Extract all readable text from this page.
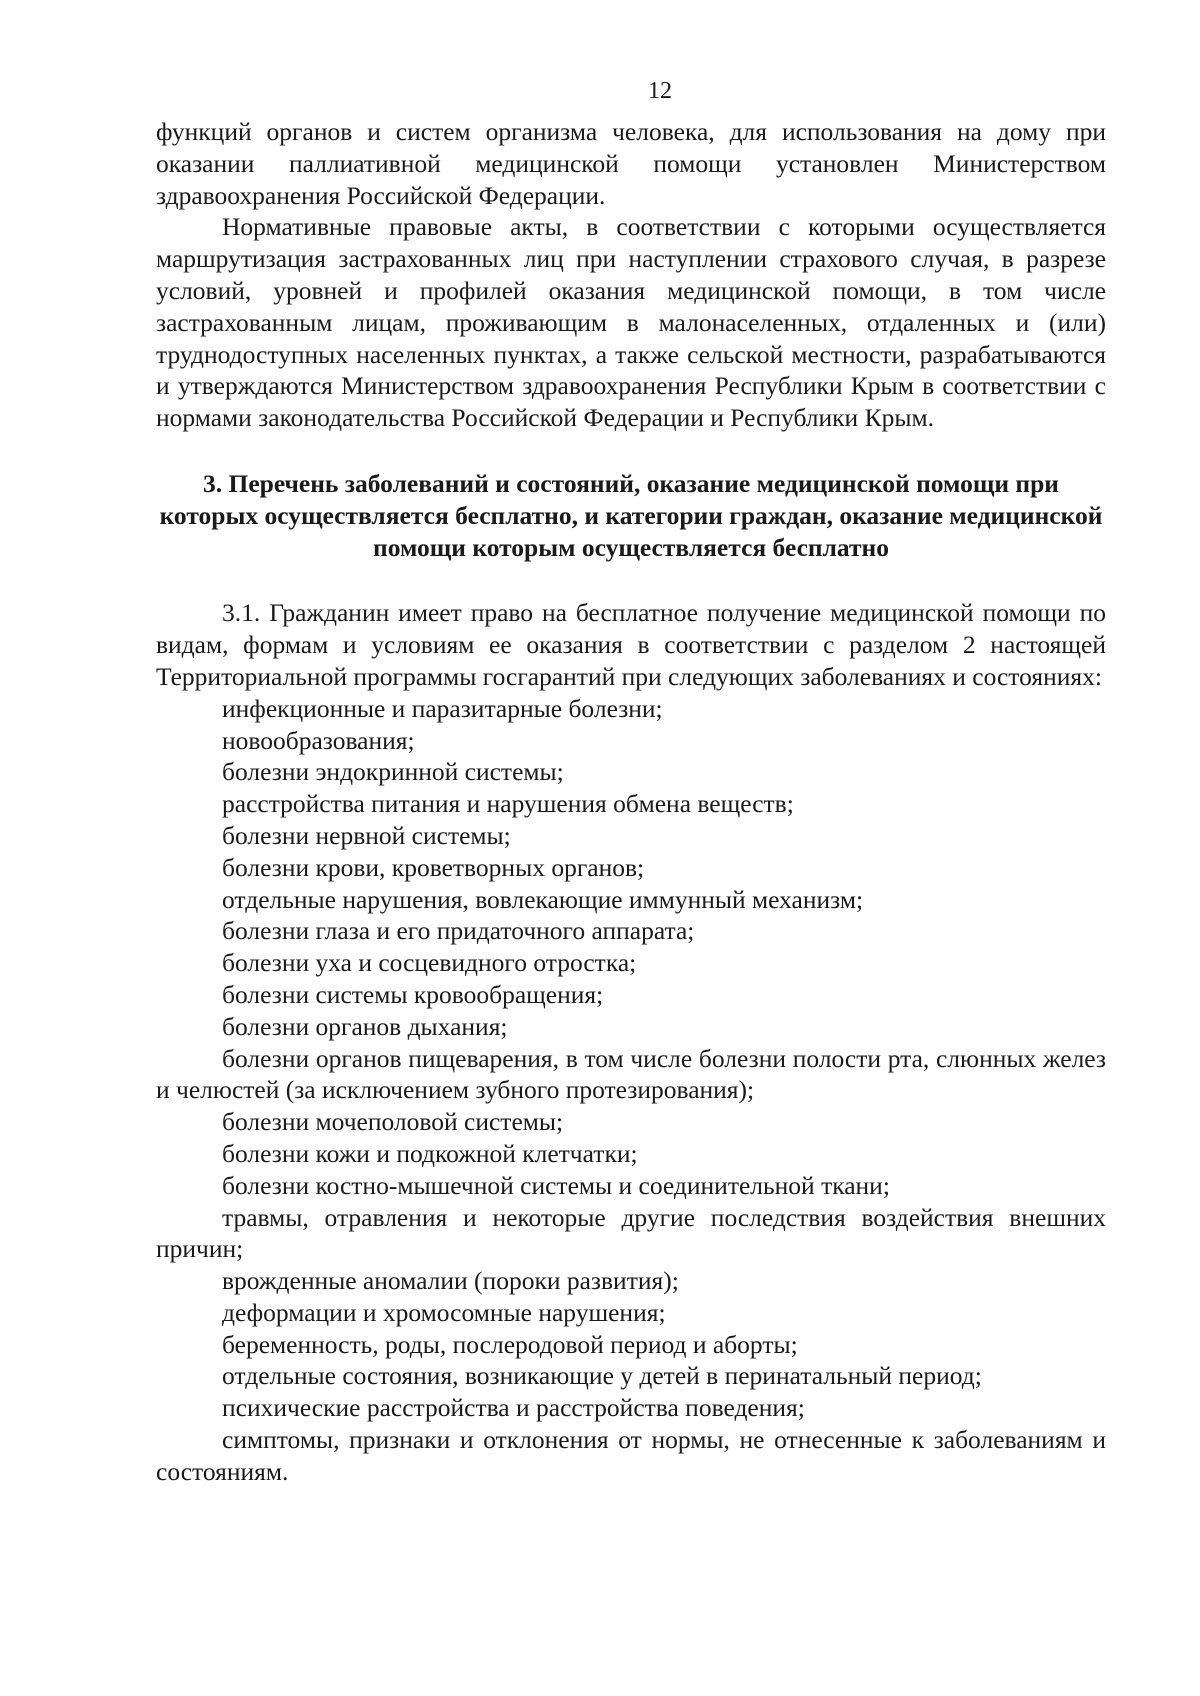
12

функций органов и систем организма человека, для использования на дому при оказании паллиативной медицинской помощи установлен Министерством здравоохранения Российской Федерации.

Нормативные правовые акты, в соответствии с которыми осуществляется маршрутизация застрахованных лиц при наступлении страхового случая, в разрезе условий, уровней и профилей оказания медицинской помощи, в том числе застрахованным лицам, проживающим в малонаселенных, отдаленных и (или) труднодоступных населенных пунктах, а также сельской местности, разрабатываются и утверждаются Министерством здравоохранения Республики Крым в соответствии с нормами законодательства Российской Федерации и Республики Крым.

3. Перечень заболеваний и состояний, оказание медицинской помощи при которых осуществляется бесплатно, и категории граждан, оказание медицинской помощи которым осуществляется бесплатно

3.1. Гражданин имеет право на бесплатное получение медицинской помощи по видам, формам и условиям ее оказания в соответствии с разделом 2 настоящей Территориальной программы госгарантий при следующих заболеваниях и состояниях:

инфекционные и паразитарные болезни;
новообразования;
болезни эндокринной системы;
расстройства питания и нарушения обмена веществ;
болезни нервной системы;
болезни крови, кроветворных органов;
отдельные нарушения, вовлекающие иммунный механизм;
болезни глаза и его придаточного аппарата;
болезни уха и сосцевидного отростка;
болезни системы кровообращения;
болезни органов дыхания;
болезни органов пищеварения, в том числе болезни полости рта, слюнных желез и челюстей (за исключением зубного протезирования);
болезни мочеполовой системы;
болезни кожи и подкожной клетчатки;
болезни костно-мышечной системы и соединительной ткани;
травмы, отравления и некоторые другие последствия воздействия внешних причин;
врожденные аномалии (пороки развития);
деформации и хромосомные нарушения;
беременность, роды, послеродовой период и аборты;
отдельные состояния, возникающие у детей в перинатальный период;
психические расстройства и расстройства поведения;
симптомы, признаки и отклонения от нормы, не отнесенные к заболеваниям и состояниям.
